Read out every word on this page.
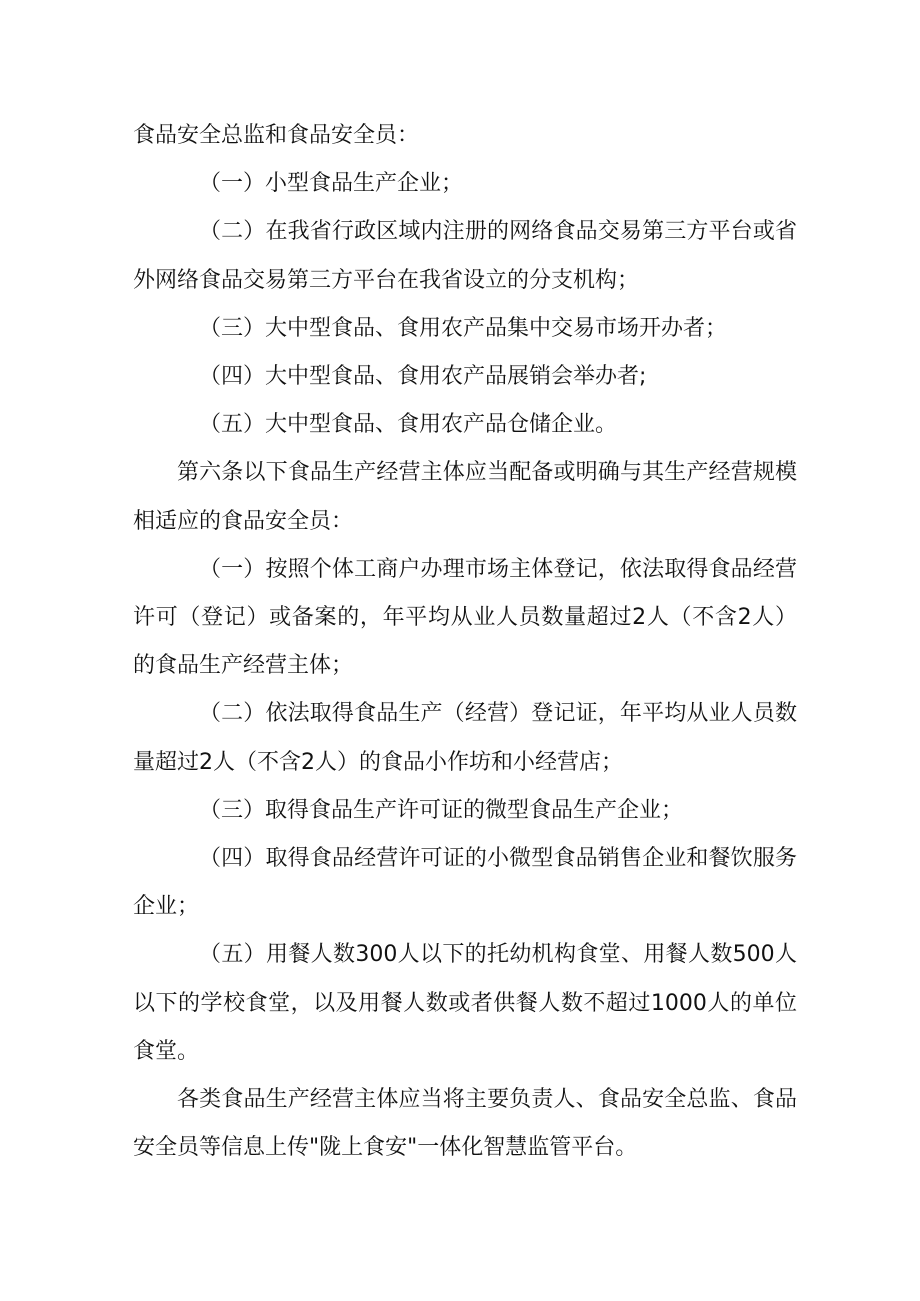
食品安全总监和食品安全员：

（一）小型食品生产企业；

（二）在我省行政区域内注册的网络食品交易第三方平台或省外网络食品交易第三方平台在我省设立的分支机构；

（三）大中型食品、食用农产品集中交易市场开办者；

（四）大中型食品、食用农产品展销会举办者;

（五）大中型食品、食用农产品仓储企业。

第六条以下食品生产经营主体应当配备或明确与其生产经营规模相适应的食品安全员：

（一）按照个体工商户办理市场主体登记，依法取得食品经营许可（登记）或备案的，年平均从业人员数量超过2人（不含2人）的食品生产经营主体；

（二）依法取得食品生产（经营）登记证，年平均从业人员数量超过2人（不含2人）的食品小作坊和小经营店；

（三）取得食品生产许可证的微型食品生产企业；

（四）取得食品经营许可证的小微型食品销售企业和餐饮服务企业；

（五）用餐人数300人以下的托幼机构食堂、用餐人数500人以下的学校食堂，以及用餐人数或者供餐人数不超过1000人的单位食堂。

各类食品生产经营主体应当将主要负责人、食品安全总监、食品安全员等信息上传"陇上食安"一体化智慧监管平台。
